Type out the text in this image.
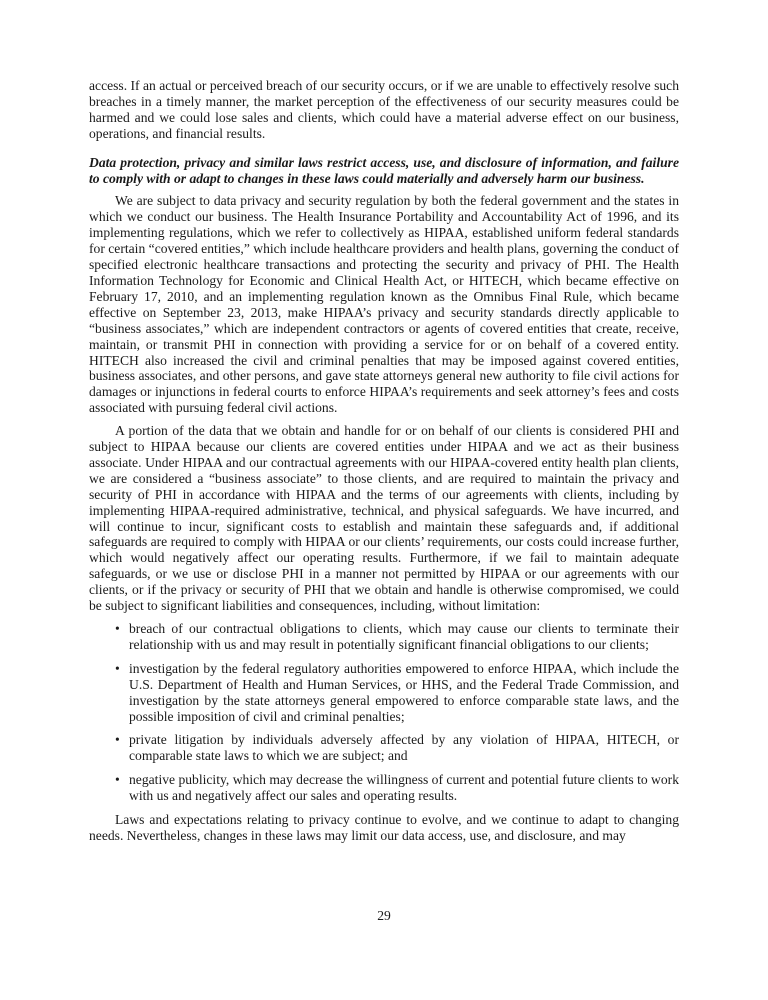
access. If an actual or perceived breach of our security occurs, or if we are unable to effectively resolve such breaches in a timely manner, the market perception of the effectiveness of our security measures could be harmed and we could lose sales and clients, which could have a material adverse effect on our business, operations, and financial results.

Data protection, privacy and similar laws restrict access, use, and disclosure of information, and failure to comply with or adapt to changes in these laws could materially and adversely harm our business.

We are subject to data privacy and security regulation by both the federal government and the states in which we conduct our business. The Health Insurance Portability and Accountability Act of 1996, and its implementing regulations, which we refer to collectively as HIPAA, established uniform federal standards for certain “covered entities,” which include healthcare providers and health plans, governing the conduct of specified electronic healthcare transactions and protecting the security and privacy of PHI. The Health Information Technology for Economic and Clinical Health Act, or HITECH, which became effective on February 17, 2010, and an implementing regulation known as the Omnibus Final Rule, which became effective on September 23, 2013, make HIPAA’s privacy and security standards directly applicable to “business associates,” which are independent contractors or agents of covered entities that create, receive, maintain, or transmit PHI in connection with providing a service for or on behalf of a covered entity. HITECH also increased the civil and criminal penalties that may be imposed against covered entities, business associates, and other persons, and gave state attorneys general new authority to file civil actions for damages or injunctions in federal courts to enforce HIPAA’s requirements and seek attorney’s fees and costs associated with pursuing federal civil actions.

A portion of the data that we obtain and handle for or on behalf of our clients is considered PHI and subject to HIPAA because our clients are covered entities under HIPAA and we act as their business associate. Under HIPAA and our contractual agreements with our HIPAA-covered entity health plan clients, we are considered a “business associate” to those clients, and are required to maintain the privacy and security of PHI in accordance with HIPAA and the terms of our agreements with clients, including by implementing HIPAA-required administrative, technical, and physical safeguards. We have incurred, and will continue to incur, significant costs to establish and maintain these safeguards and, if additional safeguards are required to comply with HIPAA or our clients’ requirements, our costs could increase further, which would negatively affect our operating results. Furthermore, if we fail to maintain adequate safeguards, or we use or disclose PHI in a manner not permitted by HIPAA or our agreements with our clients, or if the privacy or security of PHI that we obtain and handle is otherwise compromised, we could be subject to significant liabilities and consequences, including, without limitation:

• breach of our contractual obligations to clients, which may cause our clients to terminate their relationship with us and may result in potentially significant financial obligations to our clients;
• investigation by the federal regulatory authorities empowered to enforce HIPAA, which include the U.S. Department of Health and Human Services, or HHS, and the Federal Trade Commission, and investigation by the state attorneys general empowered to enforce comparable state laws, and the possible imposition of civil and criminal penalties;
• private litigation by individuals adversely affected by any violation of HIPAA, HITECH, or comparable state laws to which we are subject; and
• negative publicity, which may decrease the willingness of current and potential future clients to work with us and negatively affect our sales and operating results.

Laws and expectations relating to privacy continue to evolve, and we continue to adapt to changing needs. Nevertheless, changes in these laws may limit our data access, use, and disclosure, and may

29
